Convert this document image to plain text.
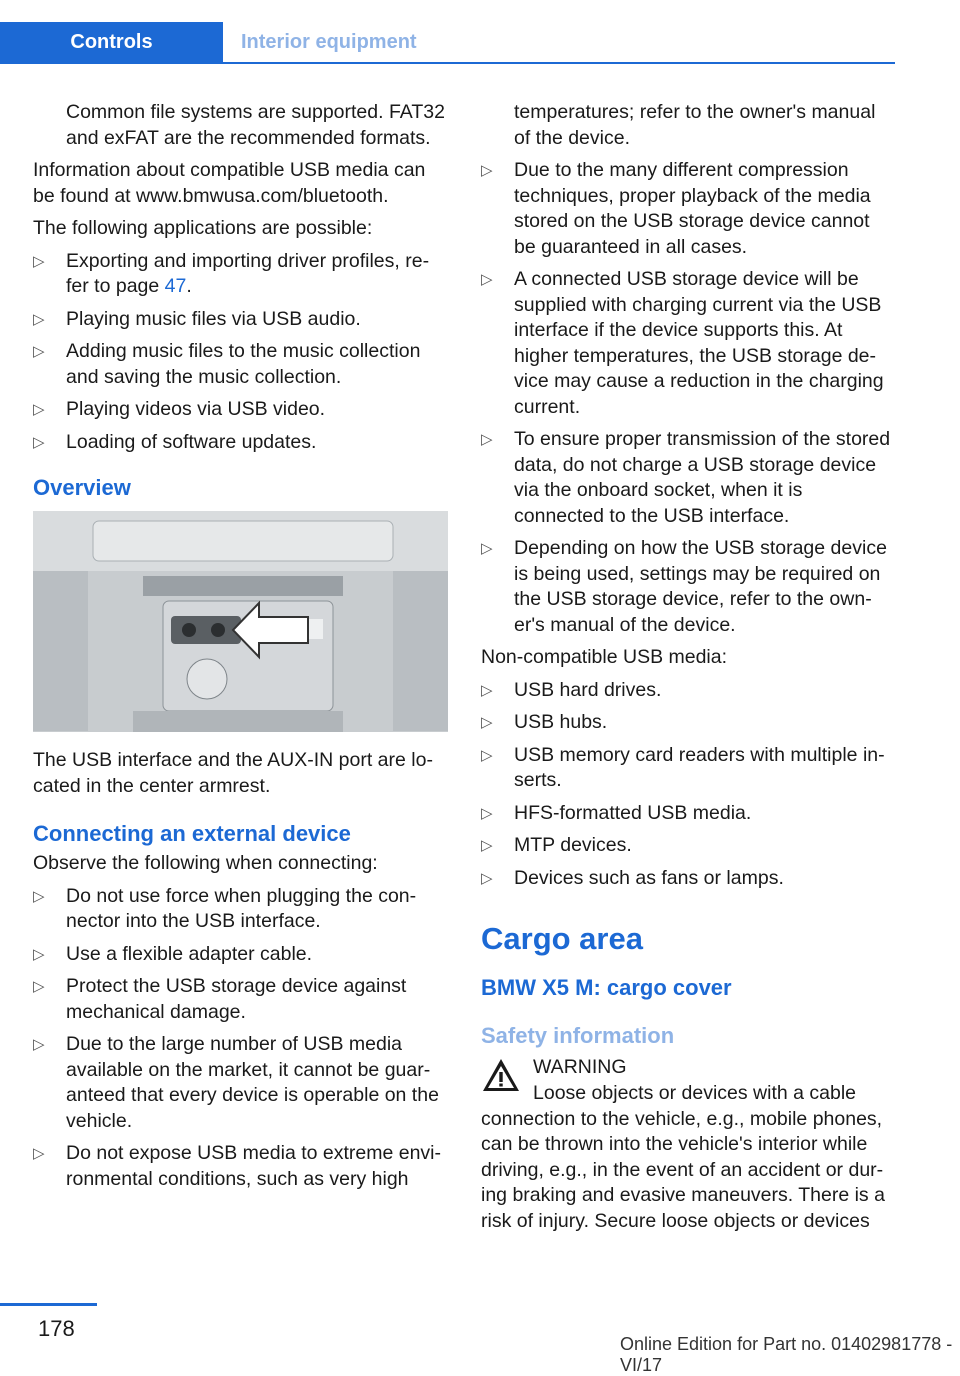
Controls	Interior equipment

Common file systems are supported. FAT32 and exFAT are the recommended formats.

Information about compatible USB media can be found at www.bmwusa.com/bluetooth.

The following applications are possible:

▷ Exporting and importing driver profiles, re‐fer to page 47.
▷ Playing music files via USB audio.
▷ Adding music files to the music collection and saving the music collection.
▷ Playing videos via USB video.
▷ Loading of software updates.
Overview

The USB interface and the AUX-IN port are lo‐cated in the center armrest.

Connecting an external device

Observe the following when connecting:

▷ Do not use force when plugging the con‐nector into the USB interface.
▷ Use a flexible adapter cable.
▷ Protect the USB storage device against mechanical damage.
▷ Due to the large number of USB media available on the market, it cannot be guar‐anteed that every device is operable on the vehicle.
▷ Do not expose USB media to extreme envi‐ronmental conditions, such as very high

temperatures; refer to the owner's manual of the device.

▷ Due to the many different compression techniques, proper playback of the media stored on the USB storage device cannot be guaranteed in all cases.
▷ A connected USB storage device will be supplied with charging current via the USB interface if the device supports this. At higher temperatures, the USB storage de‐vice may cause a reduction in the charging current.
▷ To ensure proper transmission of the stored data, do not charge a USB storage device via the onboard socket, when it is connected to the USB interface.
▷ Depending on how the USB storage device is being used, settings may be required on the USB storage device, refer to the own‐er's manual of the device.

Non-compatible USB media:

▷ USB hard drives.
▷ USB hubs.
▷ USB memory card readers with multiple in‐serts.
▷ HFS-formatted USB media.
▷ MTP devices.
▷ Devices such as fans or lamps.
Cargo area
BMW X5 M: cargo cover
Safety information
WARNING

Loose objects or devices with a cable connection to the vehicle, e.g., mobile phones, can be thrown into the vehicle's interior while driving, e.g., in the event of an accident or dur‐ing braking and evasive maneuvers. There is a risk of injury. Secure loose objects or devices

178
Online Edition for Part no. 01402981778 - VI/17
